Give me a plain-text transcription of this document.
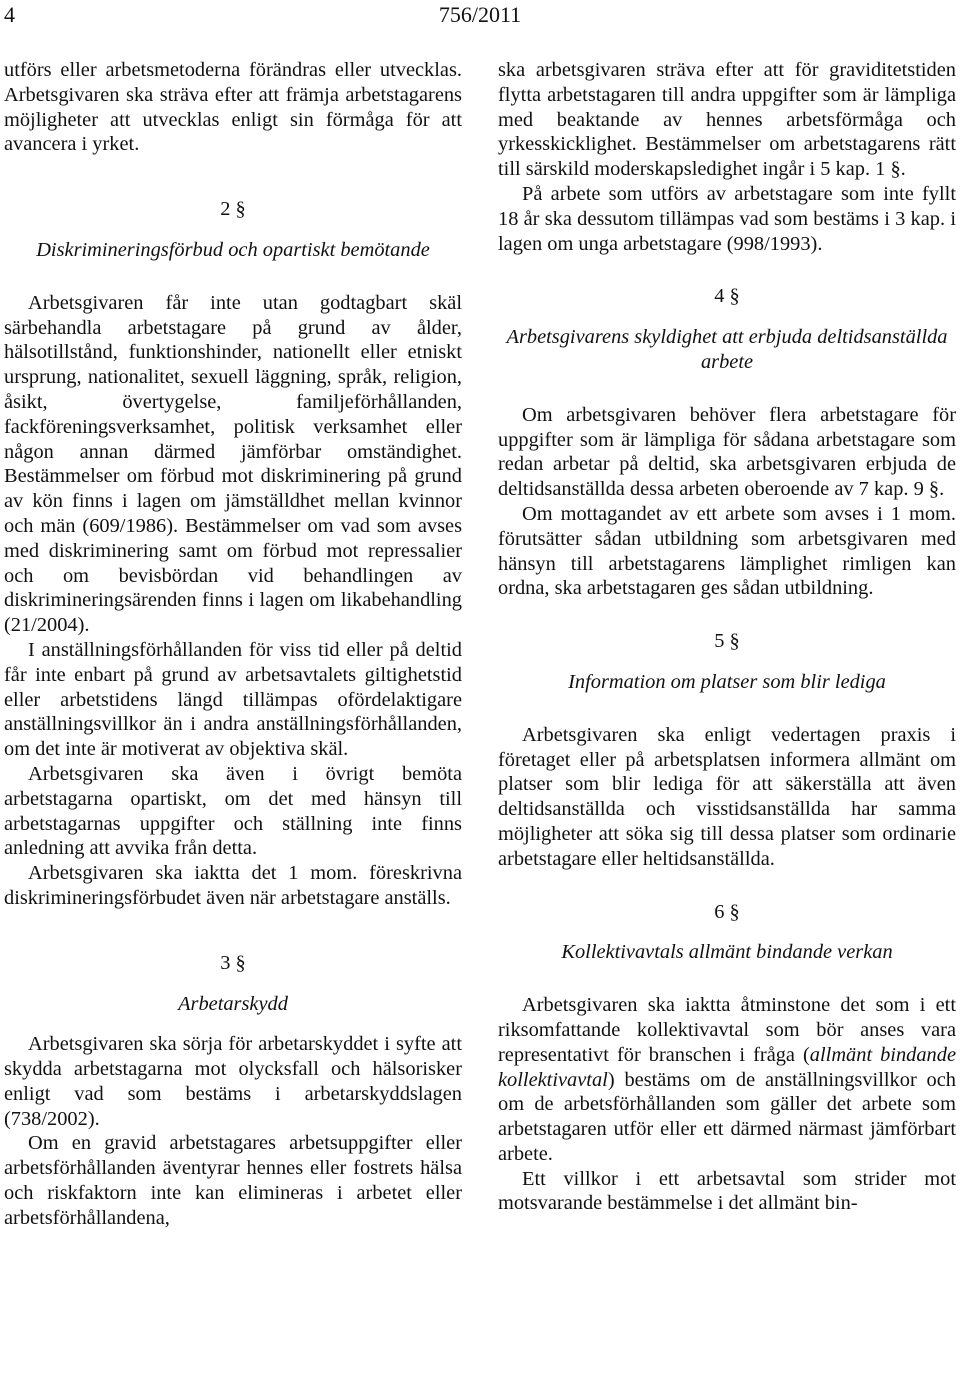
4	756/2011

utförs eller arbetsmetoderna förändras eller utvecklas. Arbetsgivaren ska sträva efter att främja arbetstagarens möjligheter att utvecklas enligt sin förmåga för att avancera i yrket.

2 §

Diskrimineringsförbud och opartiskt bemötande

Arbetsgivaren får inte utan godtagbart skäl särbehandla arbetstagare på grund av ålder, hälsotillstånd, funktionshinder, nationellt eller etniskt ursprung, nationalitet, sexuell läggning, språk, religion, åsikt, övertygelse, familjeförhållanden, fackföreningsverksamhet, politisk verksamhet eller någon annan därmed jämförbar omständighet. Bestämmelser om förbud mot diskriminering på grund av kön finns i lagen om jämställdhet mellan kvinnor och män (609/1986). Bestämmelser om vad som avses med diskriminering samt om förbud mot repressalier och om bevisbördan vid behandlingen av diskrimineringsärenden finns i lagen om likabehandling (21/2004).

I anställningsförhållanden för viss tid eller på deltid får inte enbart på grund av arbetsavtalets giltighetstid eller arbetstidens längd tillämpas ofördelaktigare anställningsvillkor än i andra anställningsförhållanden, om det inte är motiverat av objektiva skäl.

Arbetsgivaren ska även i övrigt bemöta arbetstagarna opartiskt, om det med hänsyn till arbetstagarnas uppgifter och ställning inte finns anledning att avvika från detta.

Arbetsgivaren ska iaktta det 1 mom. föreskrivna diskrimineringsförbudet även när arbetstagare anställs.

3 §

Arbetarskydd

Arbetsgivaren ska sörja för arbetarskyddet i syfte att skydda arbetstagarna mot olycksfall och hälsorisker enligt vad som bestäms i arbetarskyddslagen (738/2002).

Om en gravid arbetstagares arbetsuppgifter eller arbetsförhållanden äventyrar hennes eller fostrets hälsa och riskfaktorn inte kan elimineras i arbetet eller arbetsförhållandena,

ska arbetsgivaren sträva efter att för graviditetstiden flytta arbetstagaren till andra uppgifter som är lämpliga med beaktande av hennes arbetsförmåga och yrkesskicklighet. Bestämmelser om arbetstagarens rätt till särskild moderskapsledighet ingår i 5 kap. 1 §.

På arbete som utförs av arbetstagare som inte fyllt 18 år ska dessutom tillämpas vad som bestäms i 3 kap. i lagen om unga arbetstagare (998/1993).

4 §

Arbetsgivarens skyldighet att erbjuda deltidsanställda arbete

Om arbetsgivaren behöver flera arbetstagare för uppgifter som är lämpliga för sådana arbetstagare som redan arbetar på deltid, ska arbetsgivaren erbjuda de deltidsanställda dessa arbeten oberoende av 7 kap. 9 §.

Om mottagandet av ett arbete som avses i 1 mom. förutsätter sådan utbildning som arbetsgivaren med hänsyn till arbetstagarens lämplighet rimligen kan ordna, ska arbetstagaren ges sådan utbildning.

5 §

Information om platser som blir lediga

Arbetsgivaren ska enligt vedertagen praxis i företaget eller på arbetsplatsen informera allmänt om platser som blir lediga för att säkerställa att även deltidsanställda och visstidsanställda har samma möjligheter att söka sig till dessa platser som ordinarie arbetstagare eller heltidsanställda.

6 §

Kollektivavtals allmänt bindande verkan

Arbetsgivaren ska iaktta åtminstone det som i ett riksomfattande kollektivavtal som bör anses vara representativt för branschen i fråga (allmänt bindande kollektivavtal) bestäms om de anställningsvillkor och om de arbetsförhållanden som gäller det arbete som arbetstagaren utför eller ett därmed närmast jämförbart arbete.

Ett villkor i ett arbetsavtal som strider mot motsvarande bestämmelse i det allmänt bin-
